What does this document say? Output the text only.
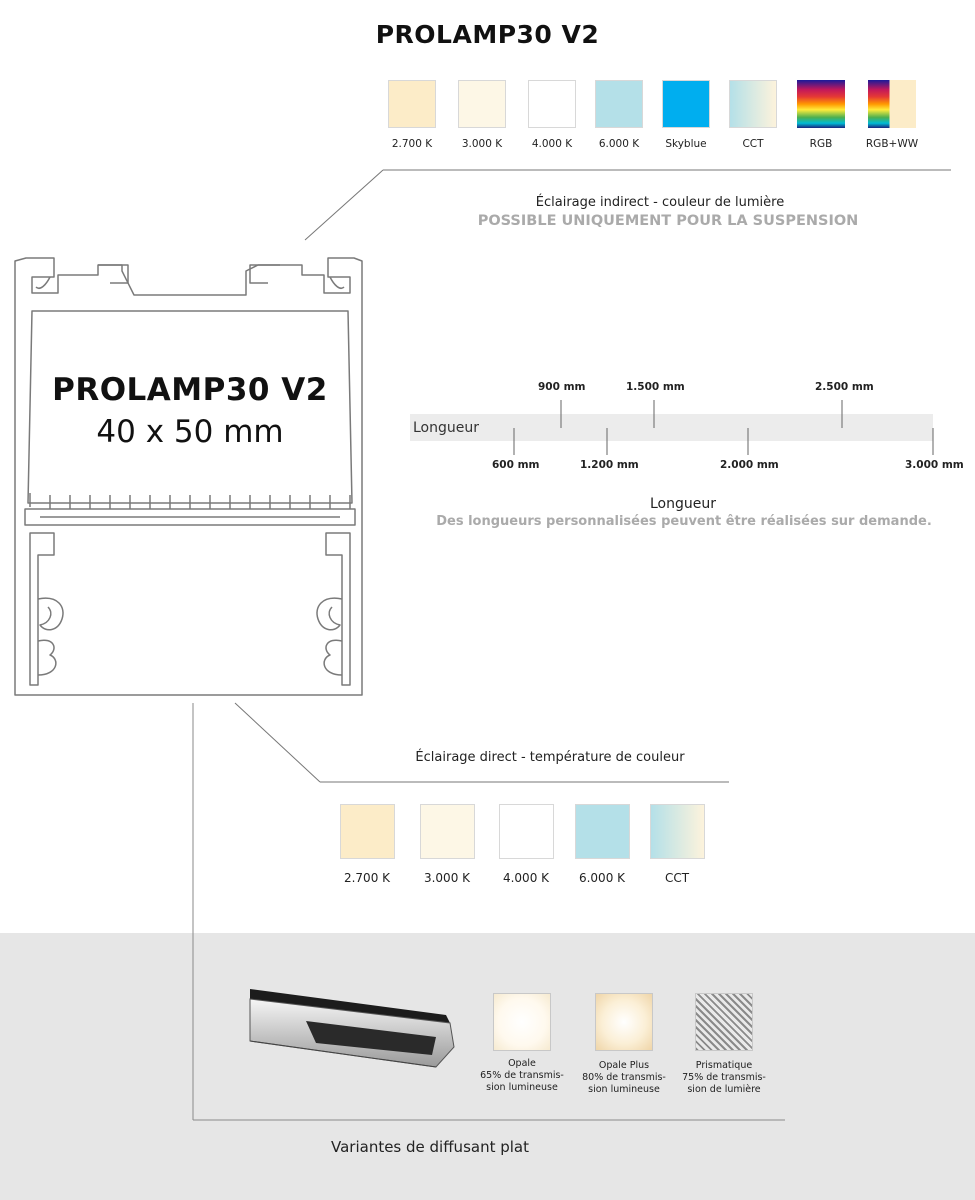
PROLAMP30 V2
2.700 K	3.000 K	4.000 K	6.000 K	Skyblue	CCT	RGB	RGB+WW
Éclairage indirect - couleur de lumière
POSSIBLE UNIQUEMENT POUR LA SUSPENSION
PROLAMP30 V2
40 x 50 mm	Longueur
900 mm	1.500 mm	2.500 mm
600 mm	1.200 mm	2.000 mm	3.000 mm
Longueur
Des longueurs personnalisées peuvent être réalisées sur demande.
Éclairage direct - température de couleur
2.700 K	3.000 K	4.000 K	6.000 K	CCT
Opale
65% de transmis-
sion lumineuse
Opale Plus
80% de transmis-
sion lumineuse
Prismatique
75% de transmis-
sion de lumière
Variantes de diffusant plat
